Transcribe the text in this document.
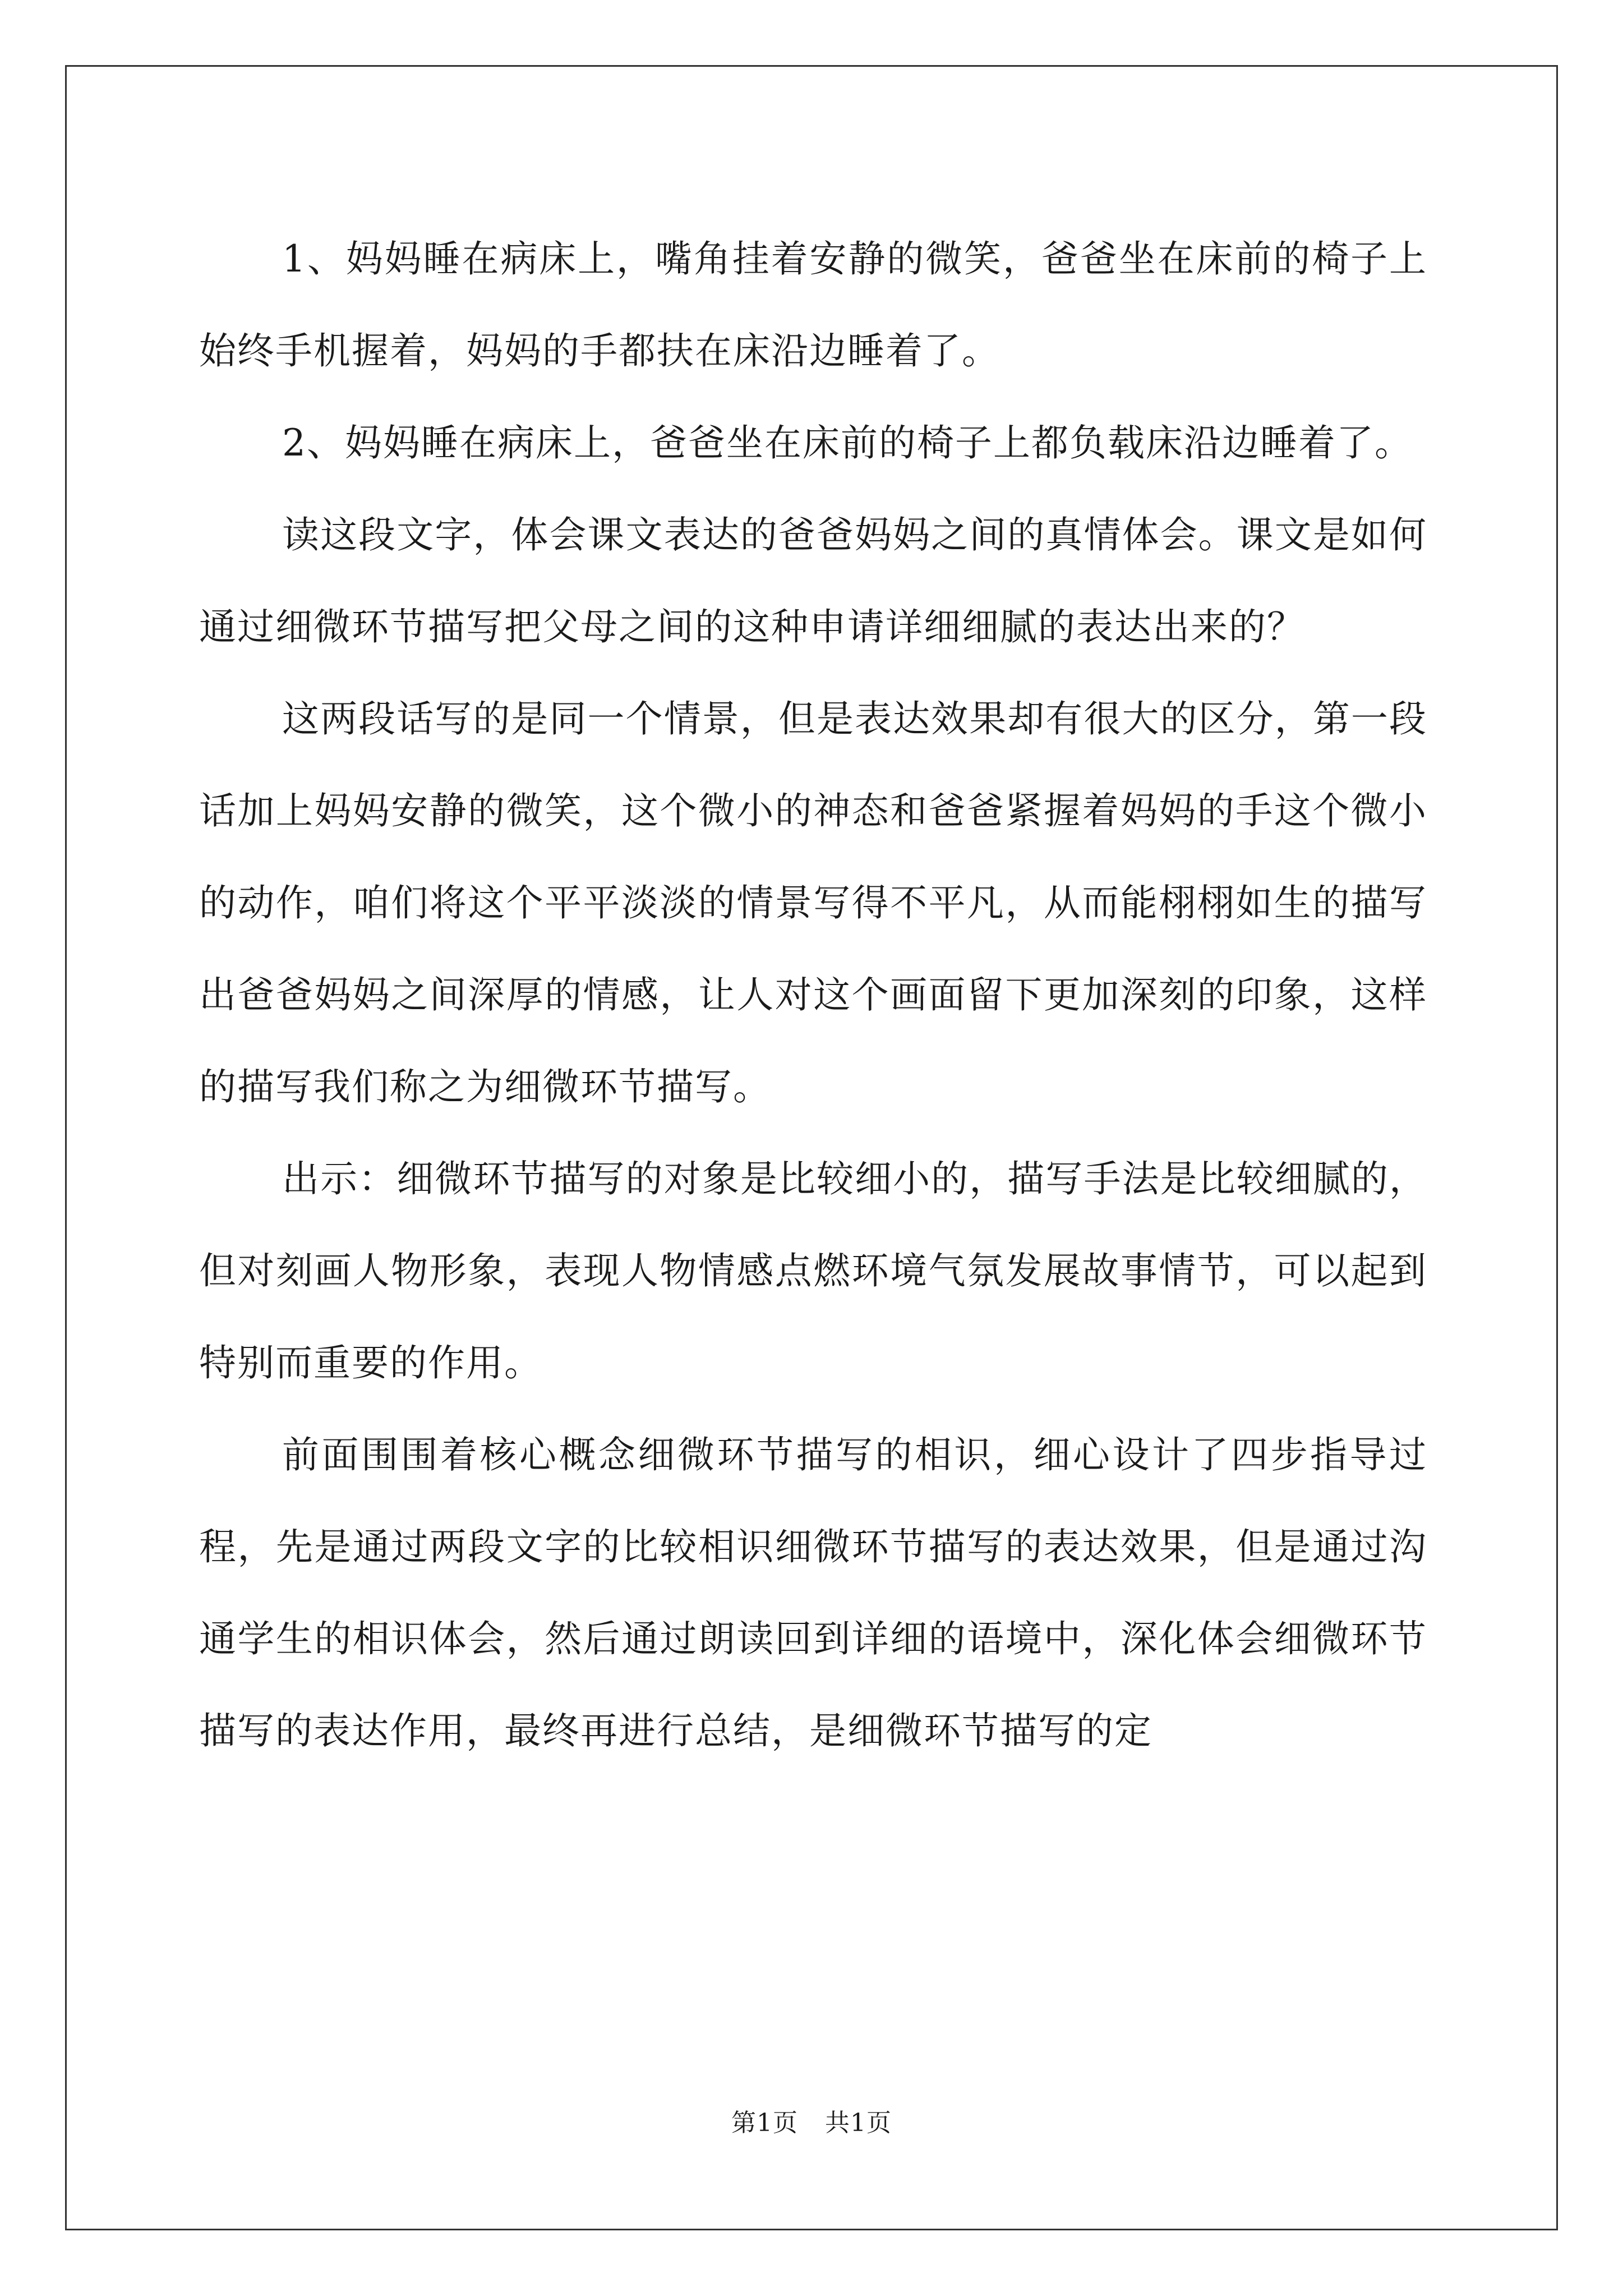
1、妈妈睡在病床上，嘴角挂着安静的微笑，爸爸坐在床前的椅子上始终手机握着，妈妈的手都扶在床沿边睡着了。

2、妈妈睡在病床上，爸爸坐在床前的椅子上都负载床沿边睡着了。

读这段文字，体会课文表达的爸爸妈妈之间的真情体会。课文是如何通过细微环节描写把父母之间的这种申请详细细腻的表达出来的？

这两段话写的是同一个情景，但是表达效果却有很大的区分，第一段话加上妈妈安静的微笑，这个微小的神态和爸爸紧握着妈妈的手这个微小的动作，咱们将这个平平淡淡的情景写得不平凡，从而能栩栩如生的描写出爸爸妈妈之间深厚的情感，让人对这个画面留下更加深刻的印象，这样的描写我们称之为细微环节描写。

出示：细微环节描写的对象是比较细小的，描写手法是比较细腻的，但对刻画人物形象，表现人物情感点燃环境气氛发展故事情节，可以起到特别而重要的作用。

前面围围着核心概念细微环节描写的相识，细心设计了四步指导过程，先是通过两段文字的比较相识细微环节描写的表达效果，但是通过沟通学生的相识体会，然后通过朗读回到详细的语境中，深化体会细微环节描写的表达作用，最终再进行总结，是细微环节描写的定

第1页 共1页
